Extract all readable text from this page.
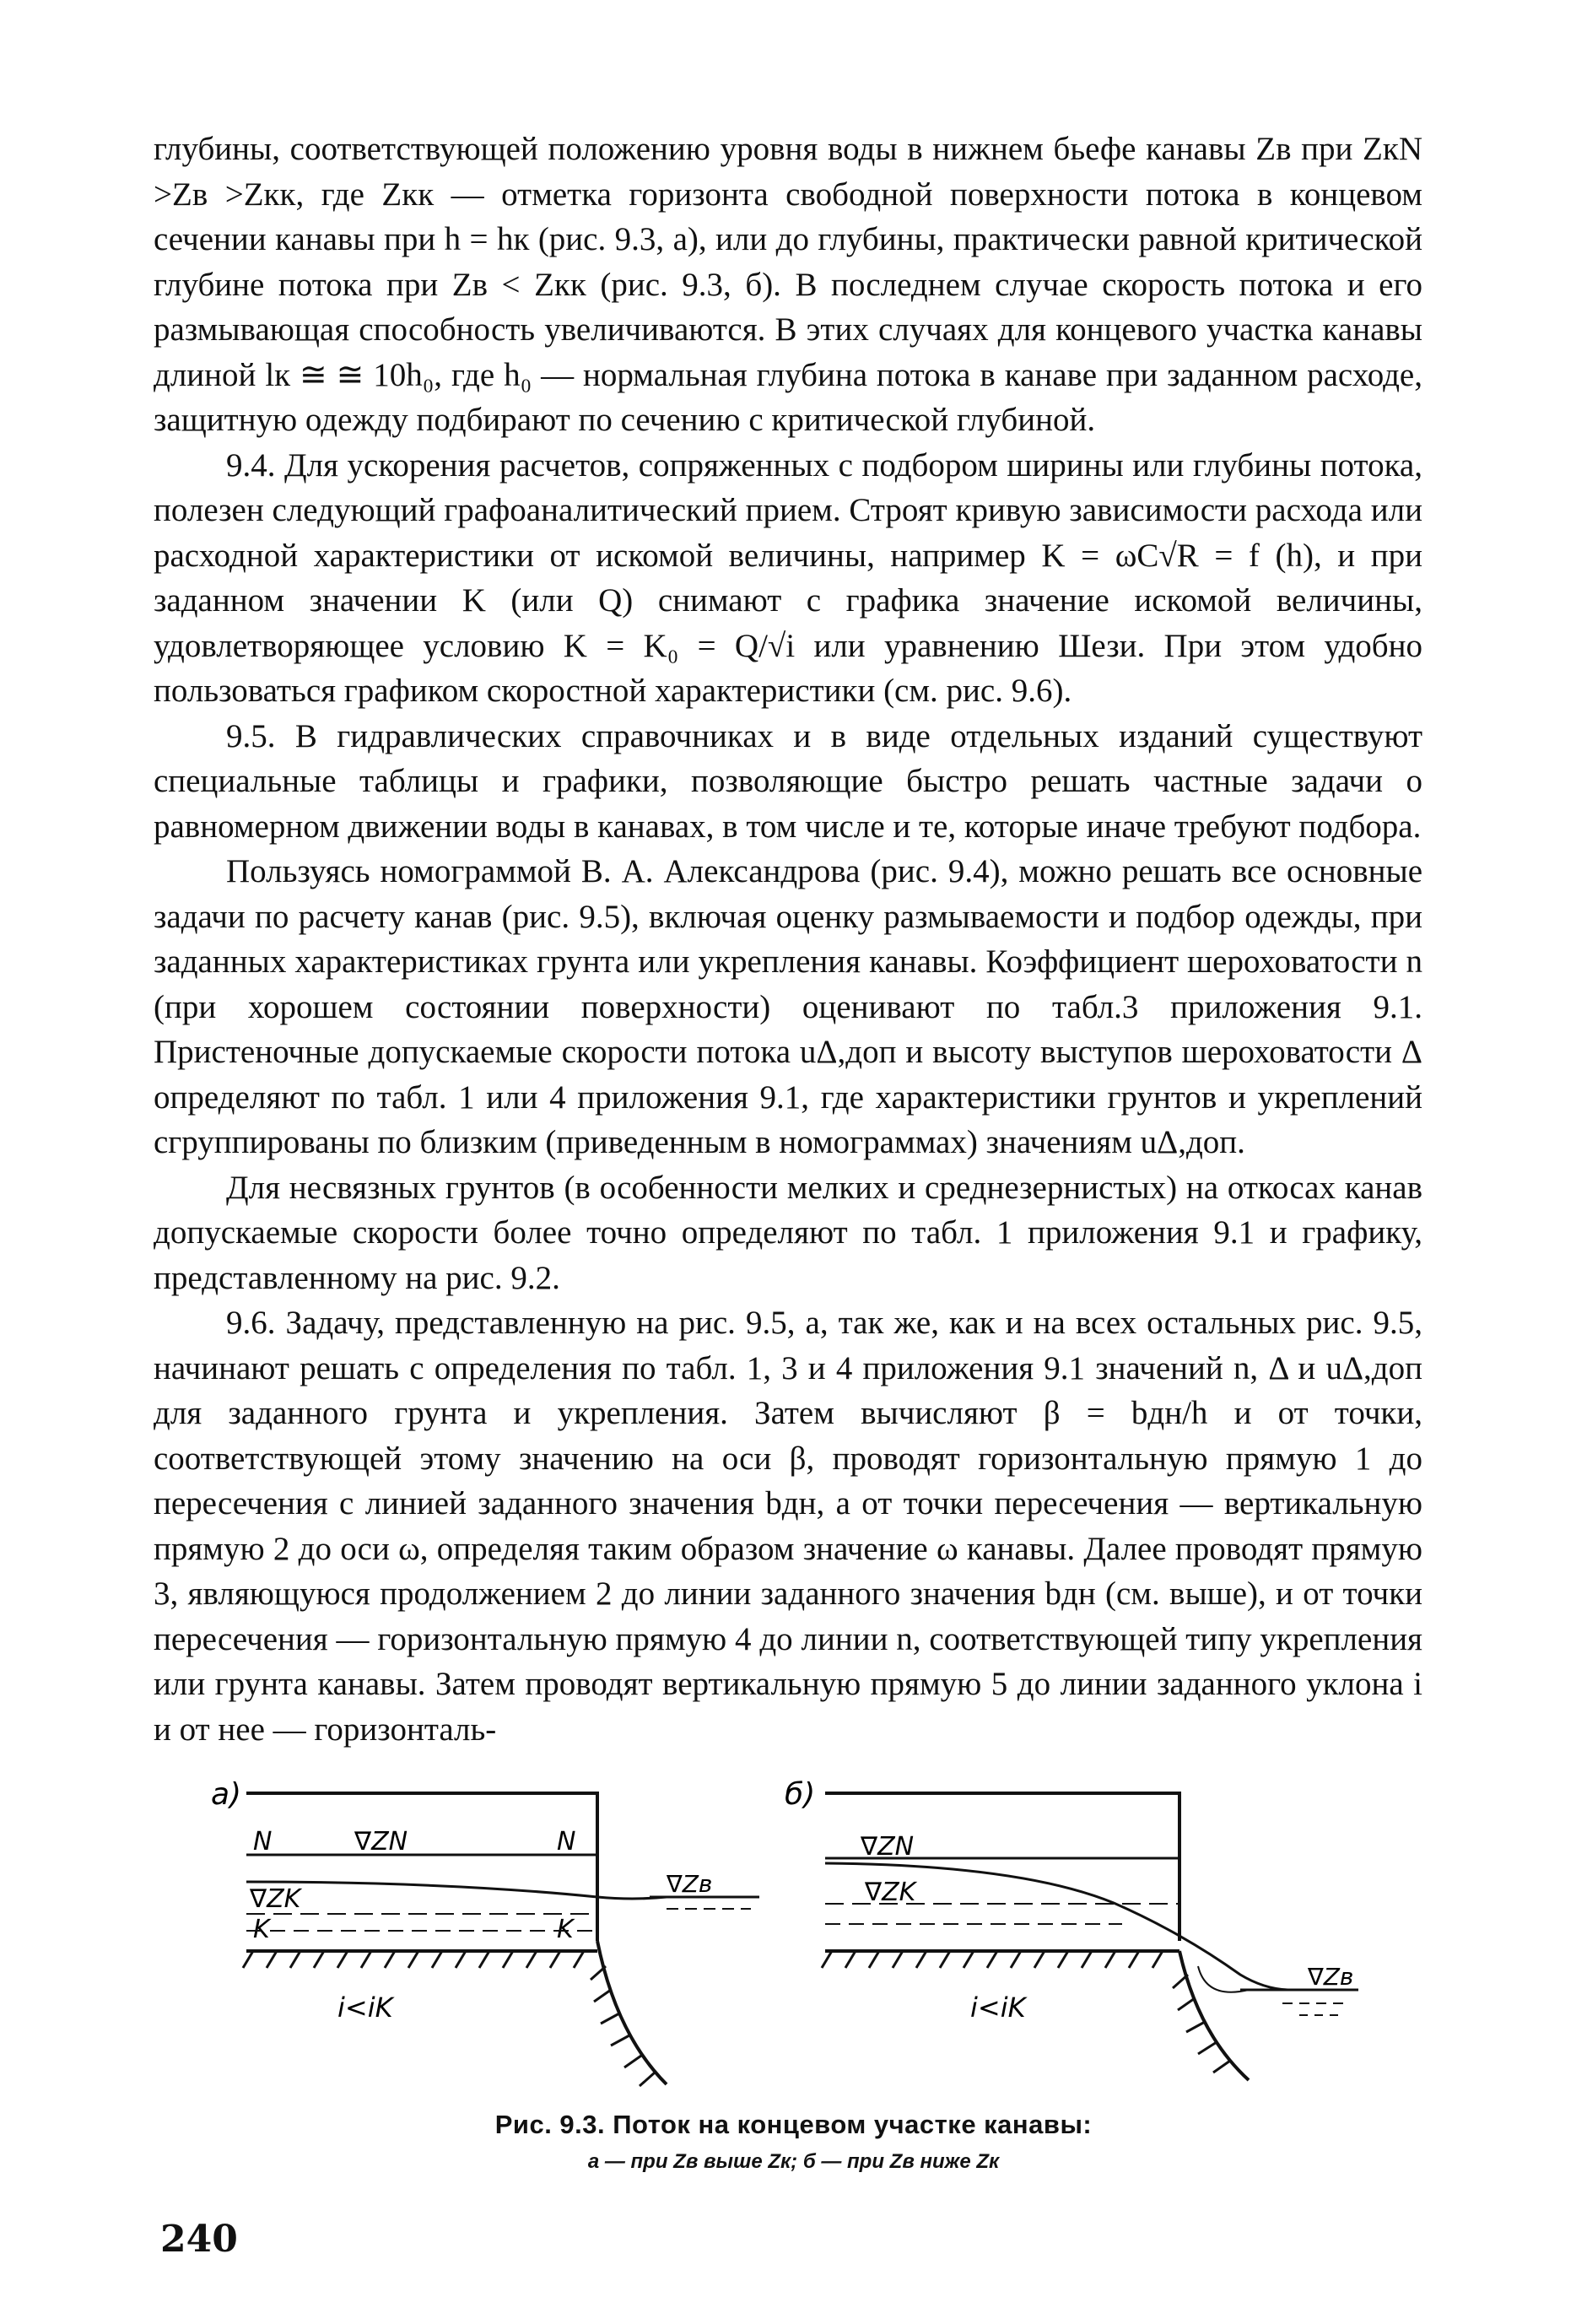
глубины, соответствующей положению уровня воды в нижнем бьефе канавы Zв при ZкN >Zв >Zкк, где Zкк — отметка горизонта свободной поверхности потока в концевом сечении канавы при h = hк (рис. 9.3, а), или до глубины, практически равной критической глубине потока при Zв < Zкк (рис. 9.3, б). В последнем случае скорость потока и его размывающая способность увеличиваются. В этих случаях для концевого участка канавы длиной lк ≅ ≅ 10h₀, где h₀ — нормальная глубина потока в канаве при заданном расходе, защитную одежду подбирают по сечению с критической глубиной.

9.4. Для ускорения расчетов, сопряженных с подбором ширины или глубины потока, полезен следующий графоаналитический прием. Строят кривую зависимости расхода или расходной характеристики от искомой величины, например K = ωC√R = f (h), и при заданном значении K (или Q) снимают с графика значение искомой величины, удовлетворяющее условию K = K₀ = Q/√i или уравнению Шези. При этом удобно пользоваться графиком скоростной характеристики (см. рис. 9.6).

9.5. В гидравлических справочниках и в виде отдельных изданий существуют специальные таблицы и графики, позволяющие быстро решать частные задачи о равномерном движении воды в канавах, в том числе и те, которые иначе требуют подбора.

Пользуясь номограммой В. А. Александрова (рис. 9.4), можно решать все основные задачи по расчету канав (рис. 9.5), включая оценку размываемости и подбор одежды, при заданных характеристиках грунта или укрепления канавы. Коэффициент шероховатости n (при хорошем состоянии поверхности) оценивают по табл.3 приложения 9.1. Пристеночные допускаемые скорости потока uΔ,доп и высоту выступов шероховатости Δ определяют по табл. 1 или 4 приложения 9.1, где характеристики грунтов и укреплений сгруппированы по близким (приведенным в номограммах) значениям uΔ,доп.

Для несвязных грунтов (в особенности мелких и среднезернистых) на откосах канав допускаемые скорости более точно определяют по табл. 1 приложения 9.1 и графику, представленному на рис. 9.2.

9.6. Задачу, представленную на рис. 9.5, а, так же, как и на всех остальных рис. 9.5, начинают решать с определения по табл. 1, 3 и 4 приложения 9.1 значений n, Δ и uΔ,доп для заданного грунта и укрепления. Затем вычисляют β = bдн/h и от точки, соответствующей этому значению на оси β, проводят горизонтальную прямую 1 до пересечения с линией заданного значения bдн, а от точки пересечения — вертикальную прямую 2 до оси ω, определяя таким образом значение ω канавы. Далее проводят прямую 3, являющуюся продолжением 2 до линии заданного значения bдн (см. выше), и от точки пересечения — горизонтальную прямую 4 до линии n, соответствующей типу укрепления или грунта канавы. Затем проводят вертикальную прямую 5 до линии заданного уклона i и от нее — горизонталь-

а)
N	N
∇ZN
∇Zв
∇ZK
K	K
i<iK
б)
∇ZN
∇ZK
∇Zв
i<iK
Рис. 9.3. Поток на концевом участке канавы:
а — при Zв выше Zк; б — при Zв ниже Zк
240
